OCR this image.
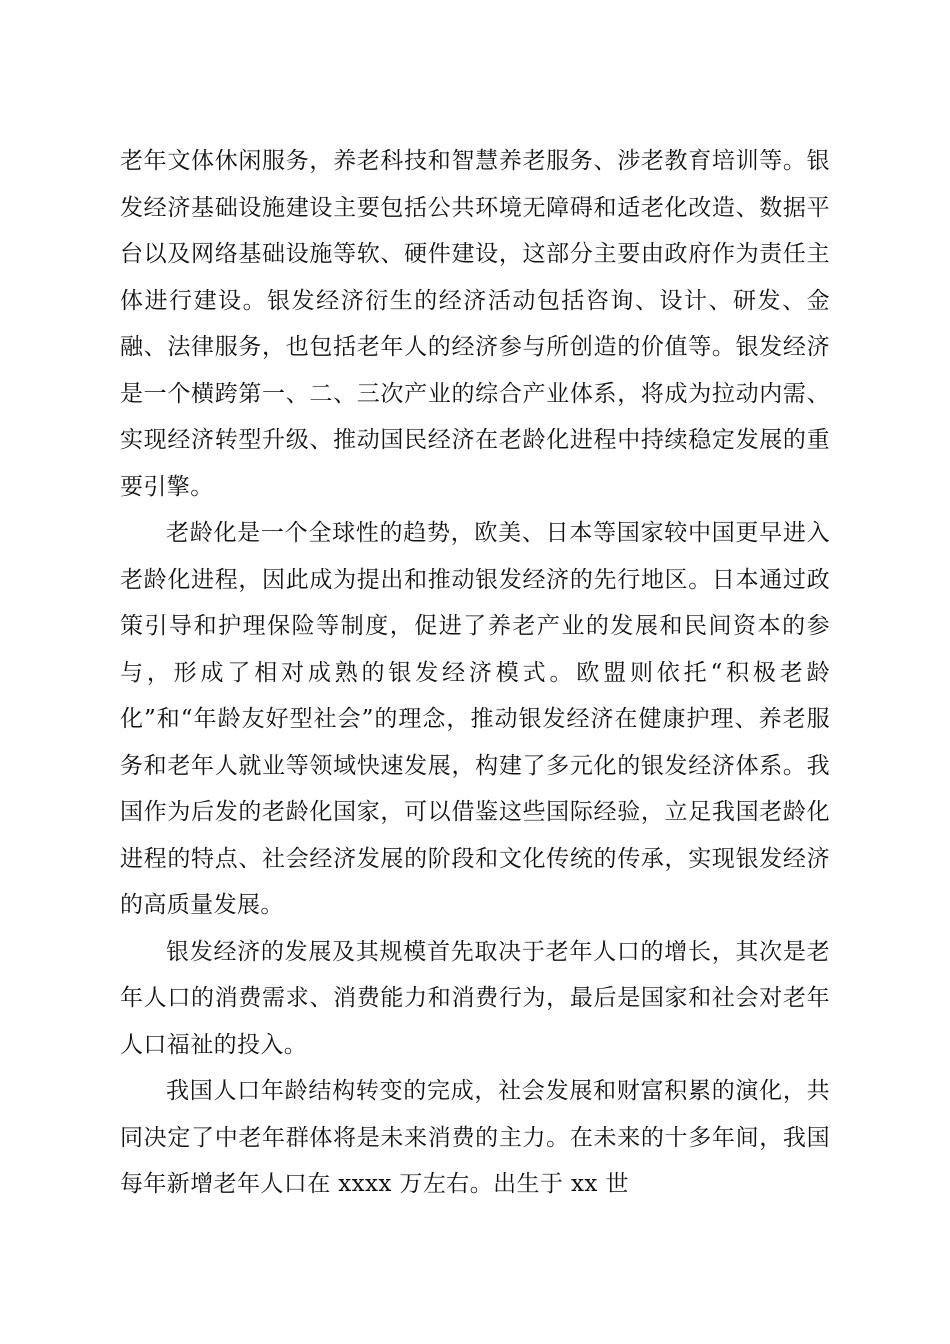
老年文体休闲服务，养老科技和智慧养老服务、涉老教育培训等。银发经济基础设施建设主要包括公共环境无障碍和适老化改造、数据平台以及网络基础设施等软、硬件建设，这部分主要由政府作为责任主体进行建设。银发经济衍生的经济活动包括咨询、设计、研发、金融、法律服务，也包括老年人的经济参与所创造的价值等。银发经济是一个横跨第一、二、三次产业的综合产业体系，将成为拉动内需、实现经济转型升级、推动国民经济在老龄化进程中持续稳定发展的重要引擎。

老龄化是一个全球性的趋势，欧美、日本等国家较中国更早进入老龄化进程，因此成为提出和推动银发经济的先行地区。日本通过政策引导和护理保险等制度，促进了养老产业的发展和民间资本的参与，形成了相对成熟的银发经济模式。欧盟则依托“积极老龄化”和“年龄友好型社会”的理念，推动银发经济在健康护理、养老服务和老年人就业等领域快速发展，构建了多元化的银发经济体系。我国作为后发的老龄化国家，可以借鉴这些国际经验，立足我国老龄化进程的特点、社会经济发展的阶段和文化传统的传承，实现银发经济的高质量发展。

银发经济的发展及其规模首先取决于老年人口的增长，其次是老年人口的消费需求、消费能力和消费行为，最后是国家和社会对老年人口福祉的投入。

我国人口年龄结构转变的完成，社会发展和财富积累的演化，共同决定了中老年群体将是未来消费的主力。在未来的十多年间，我国每年新增老年人口在 xxxx 万左右。出生于 xx 世
